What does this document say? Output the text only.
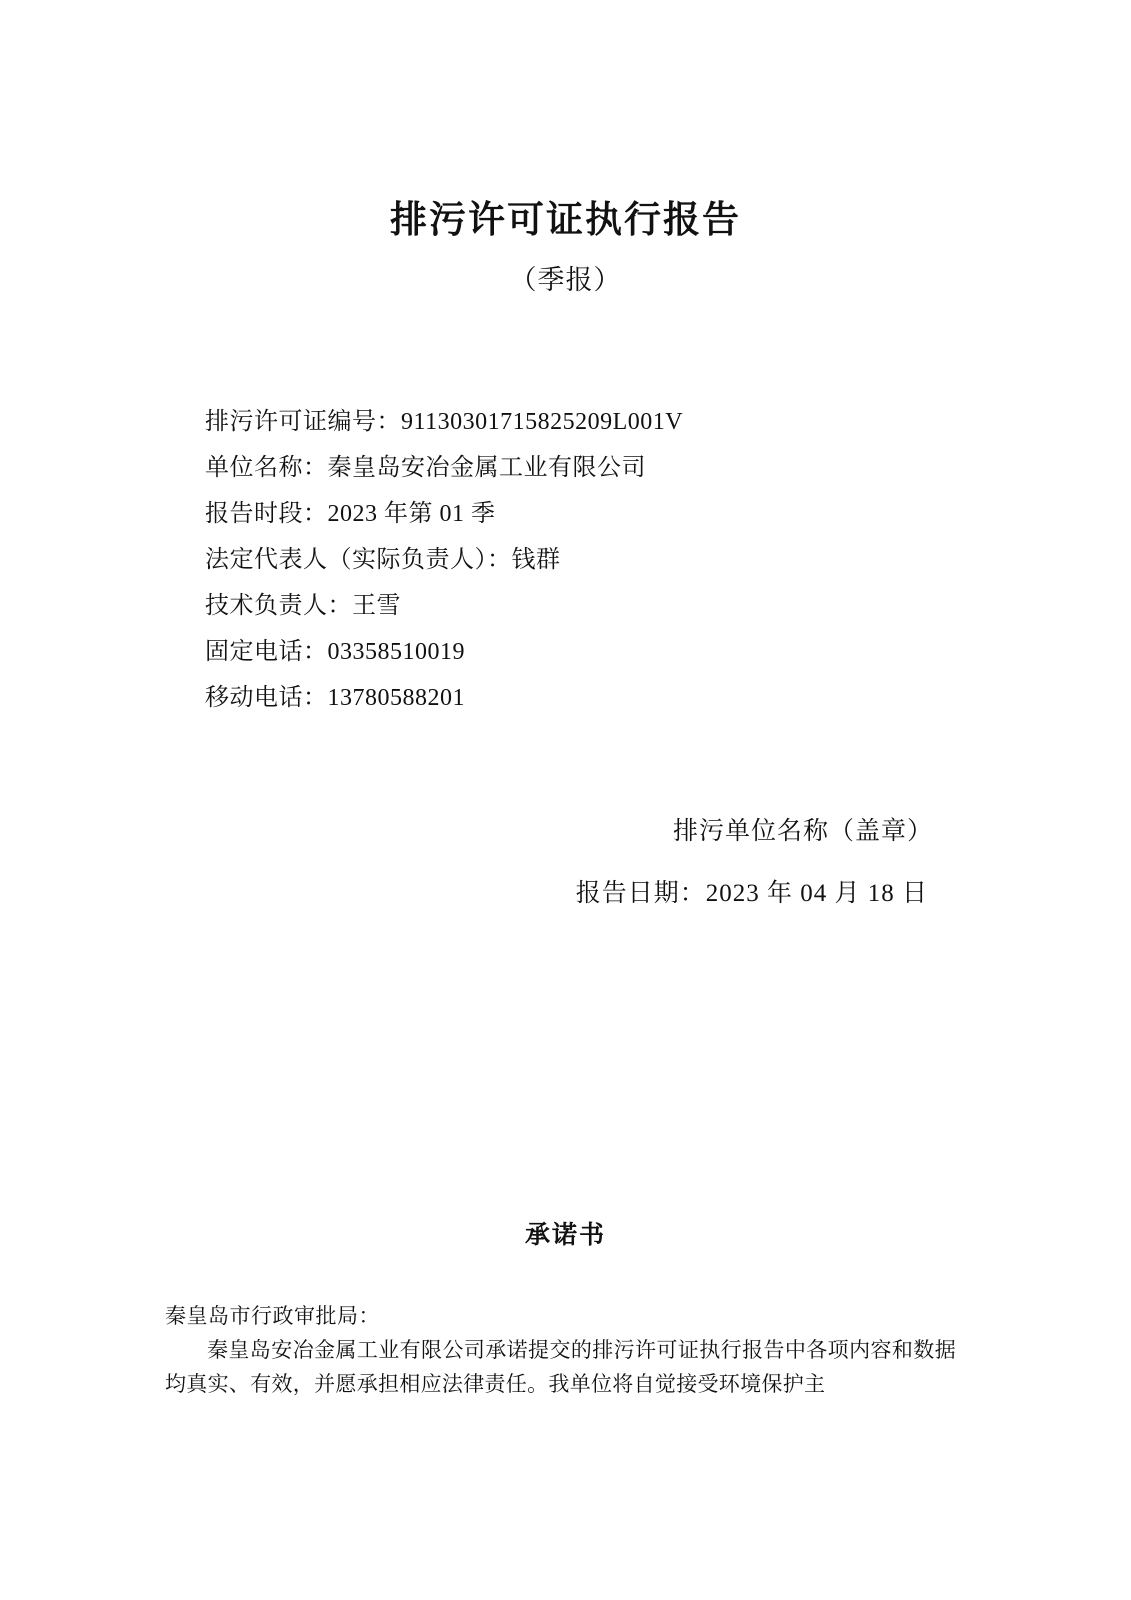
排污许可证执行报告
（季报）
排污许可证编号：91130301715825209L001V
单位名称：秦皇岛安冶金属工业有限公司
报告时段：2023 年第 01 季
法定代表人（实际负责人）：钱群
技术负责人：王雪
固定电话：03358510019
移动电话：13780588201
排污单位名称（盖章）
报告日期：2023 年 04 月 18 日
承诺书
秦皇岛市行政审批局：

秦皇岛安冶金属工业有限公司承诺提交的排污许可证执行报告中各项内容和数据均真实、有效，并愿承担相应法律责任。我单位将自觉接受环境保护主
